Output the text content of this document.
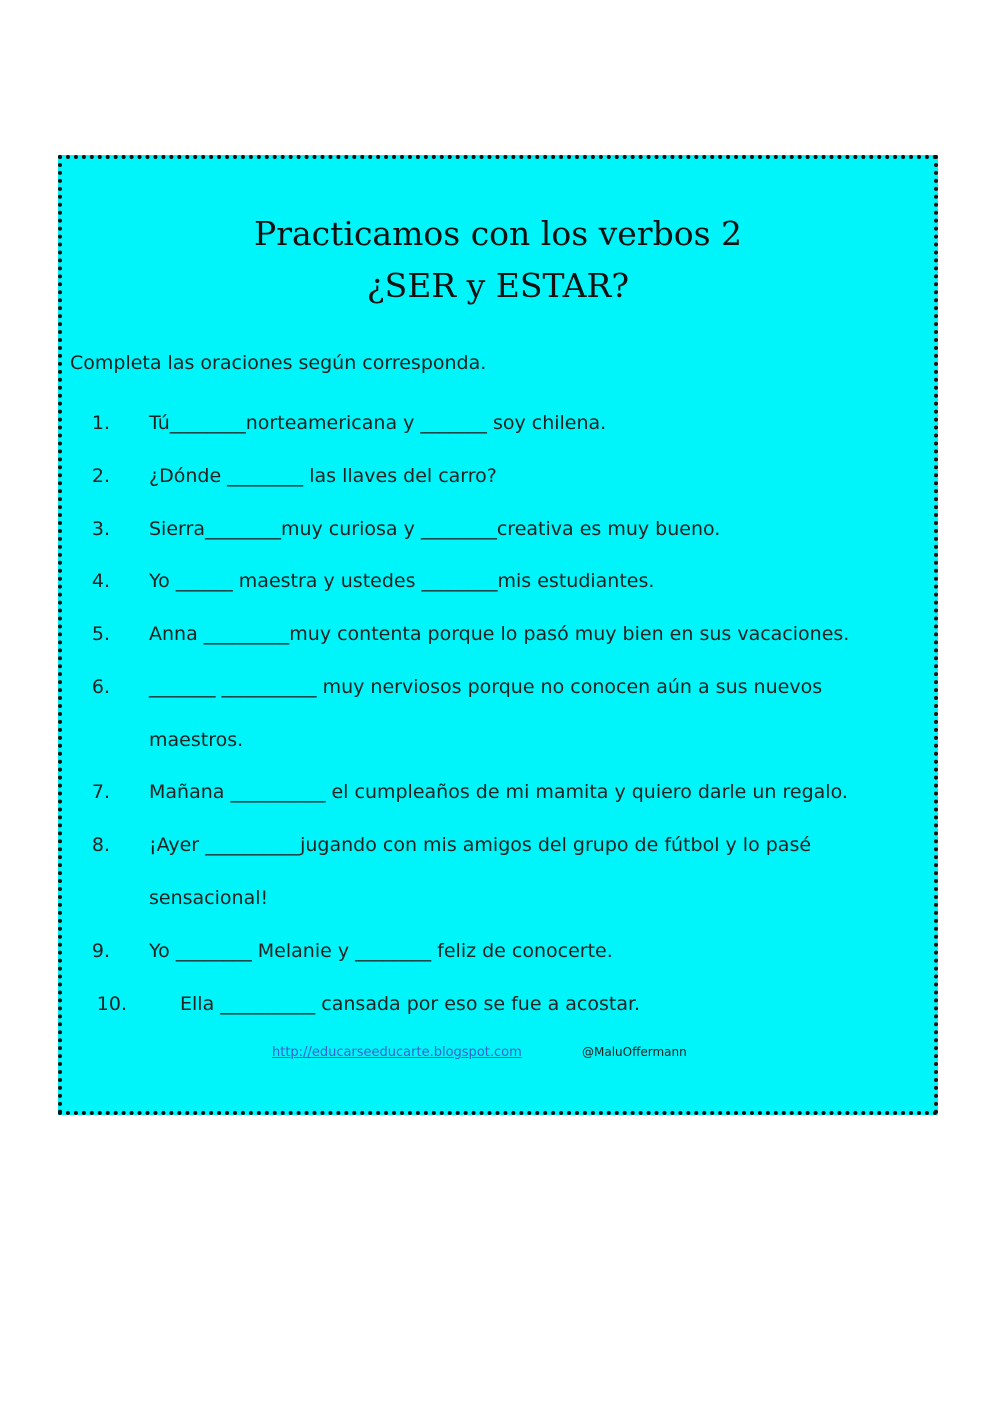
Practicamos con los verbos 2
¿SER y ESTAR?
Completa las oraciones según corresponda.
1. Tú________norteamericana y _______ soy chilena.
2. ¿Dónde ________ las llaves del carro?
3. Sierra________muy curiosa y ________creativa es muy bueno.
4. Yo ______ maestra y ustedes ________mis estudiantes.
5. Anna _________muy contenta porque lo pasó muy bien en sus vacaciones.
6. _______ __________ muy nerviosos porque no conocen aún a sus nuevos
maestros.
7. Mañana __________ el cumpleaños de mi mamita y quiero darle un regalo.
8. ¡Ayer __________jugando con mis amigos del grupo de fútbol y lo pasé
sensacional!
9. Yo ________ Melanie y ________ feliz de conocerte.
10.	Ella __________ cansada por eso se fue a acostar.
http://educarseeducarte.blogspot.com	@MaluOffermann
